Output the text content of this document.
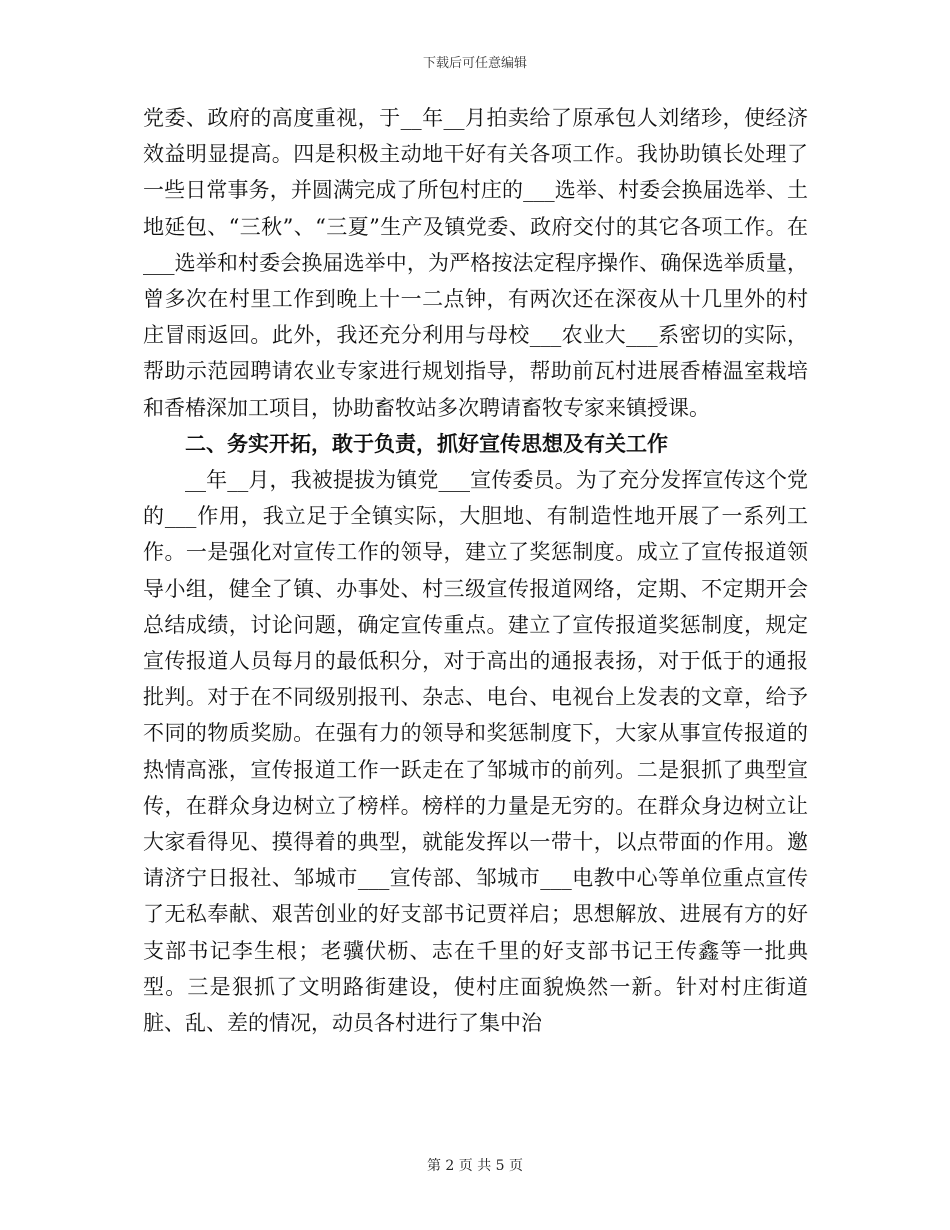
下载后可任意编辑

党委、政府的高度重视，于__年__月拍卖给了原承包人刘绪珍，使经济效益明显提高。四是积极主动地干好有关各项工作。我协助镇长处理了一些日常事务，并圆满完成了所包村庄的___选举、村委会换届选举、土地延包、“三秋”、“三夏”生产及镇党委、政府交付的其它各项工作。在___选举和村委会换届选举中，为严格按法定程序操作、确保选举质量，曾多次在村里工作到晚上十一二点钟，有两次还在深夜从十几里外的村庄冒雨返回。此外，我还充分利用与母校___农业大___系密切的实际，帮助示范园聘请农业专家进行规划指导，帮助前瓦村进展香椿温室栽培和香椿深加工项目，协助畜牧站多次聘请畜牧专家来镇授课。

二、务实开拓，敢于负责，抓好宣传思想及有关工作

__年__月，我被提拔为镇党___宣传委员。为了充分发挥宣传这个党的___作用，我立足于全镇实际，大胆地、有制造性地开展了一系列工作。一是强化对宣传工作的领导，建立了奖惩制度。成立了宣传报道领导小组，健全了镇、办事处、村三级宣传报道网络，定期、不定期开会总结成绩，讨论问题，确定宣传重点。建立了宣传报道奖惩制度，规定宣传报道人员每月的最低积分，对于高出的通报表扬，对于低于的通报批判。对于在不同级别报刊、杂志、电台、电视台上发表的文章，给予不同的物质奖励。在强有力的领导和奖惩制度下，大家从事宣传报道的热情高涨，宣传报道工作一跃走在了邹城市的前列。二是狠抓了典型宣传，在群众身边树立了榜样。榜样的力量是无穷的。在群众身边树立让大家看得见、摸得着的典型，就能发挥以一带十，以点带面的作用。邀请济宁日报社、邹城市___宣传部、邹城市___电教中心等单位重点宣传了无私奉献、艰苦创业的好支部书记贾祥启；思想解放、进展有方的好支部书记李生根；老骥伏枥、志在千里的好支部书记王传鑫等一批典型。三是狠抓了文明路街建设，使村庄面貌焕然一新。针对村庄街道脏、乱、差的情况，动员各村进行了集中治

第 2 页 共 5 页
